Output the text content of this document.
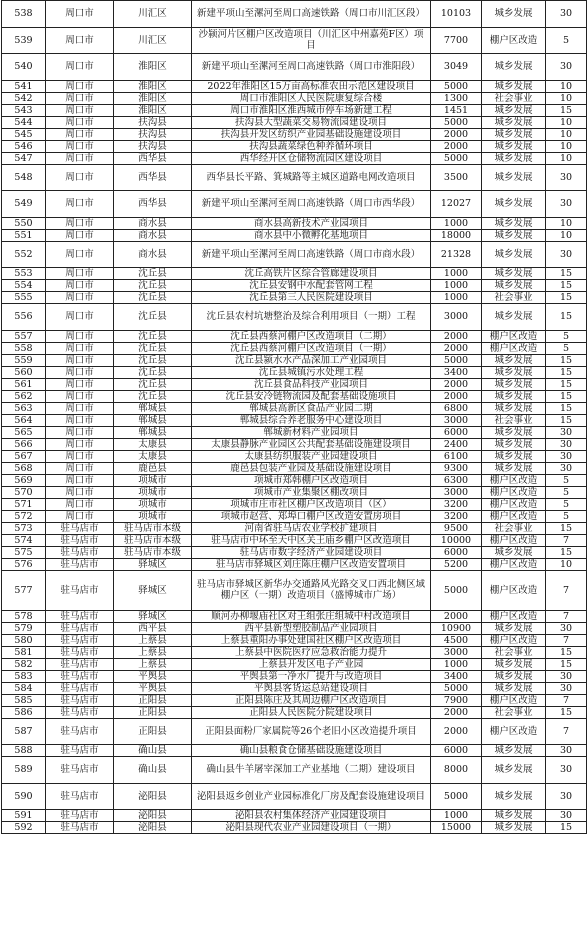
538	周口市	川汇区	新建平项山至漯河至周口高速铁路（周口市川汇区段）	10103	城乡发展	30
539	周口市	川汇区	沙颍河片区棚户区改造项目（川汇区中州嘉苑F区）项目	7700	棚户区改造	5
540	周口市	淮阳区	新建平项山至漯河至周口高速铁路（周口市淮阳段）	3049	城乡发展	30
541	周口市	淮阳区	2022年淮阳区15万亩高标准农田示范区建设项目	5000	城乡发展	10
542	周口市	淮阳区	周口市淮阳区人民医院康复综合楼	1300	社会事业	10
543	周口市	淮阳区	周口市淮阳区淮西城市停车场新建工程	1451	城乡发展	15
544	周口市	扶沟县	扶沟县大型蔬菜交易物流园建设项目	5000	城乡发展	10
545	周口市	扶沟县	扶沟县开发区纺织产业园基础设施建设项目	2000	城乡发展	10
546	周口市	扶沟县	扶沟县蔬菜绿色种养循环项目	2000	城乡发展	10
547	周口市	西华县	西华经开区仓储物流园区建设项目	5000	城乡发展	10
548	周口市	西华县	西华县长平路、箕城路等主城区道路电网改造项目	3500	城乡发展	30
549	周口市	西华县	新建平项山至漯河至周口高速铁路（周口市西华段）	12027	城乡发展	30
550	周口市	商水县	商水县高新技术产业园项目	1000	城乡发展	10
551	周口市	商水县	商水县中小微孵化基地项目	18000	城乡发展	10
552	周口市	商水县	新建平项山至漯河至周口高速铁路（周口市商水段）	21328	城乡发展	30
553	周口市	沈丘县	沈丘高铁片区综合管廊建设项目	1000	城乡发展	15
554	周口市	沈丘县	沈丘县安钢中水配套管网工程	1000	城乡发展	15
555	周口市	沈丘县	沈丘县第三人民医院建设项目	1000	社会事业	15
556	周口市	沈丘县	沈丘县农村坑塘整治及综合利用项目（一期）工程	3000	城乡发展	15
557	周口市	沈丘县	沈丘县西蔡河棚户区改造项目（二期）	2000	棚户区改造	5
558	周口市	沈丘县	沈丘县西蔡河棚户区改造项目（一期）	2000	棚户区改造	5
559	周口市	沈丘县	沈丘县颍水水产品深加工产业园项目	5000	城乡发展	15
560	周口市	沈丘县	沈丘县城镇污水处理工程	3400	城乡发展	15
561	周口市	沈丘县	沈丘县食品科技产业园项目	2000	城乡发展	15
562	周口市	沈丘县	沈丘县安冷链物流园及配套基础设施项目	2000	城乡发展	15
563	周口市	郸城县	郸城县高新区食品产业园二期	6800	城乡发展	15
564	周口市	郸城县	郸城县综合养老服务中心建设项目	3000	社会事业	15
565	周口市	郸城县	郸城新材料产业园项目	6000	城乡发展	30
566	周口市	太康县	太康县静脉产业园区公共配套基础设施建设项目	2400	城乡发展	30
567	周口市	太康县	太康县纺织服装产业园建设项目	6100	城乡发展	30
568	周口市	鹿邑县	鹿邑县包装产业园及基础设施建设项目	9300	城乡发展	30
569	周口市	项城市	项城市郑韩棚户区改造项目	6300	棚户区改造	5
570	周口市	项城市	项城市产业集聚区棚改项目	3000	棚户区改造	5
571	周口市	项城市	项城市庄市社区棚户区改造项目（区）	3200	棚户区改造	5
572	周口市	项城市	项城市赵营、郑埠口棚户区改造安置房项目	3200	棚户区改造	5
573	驻马店市	驻马店市本级	河南省驻马店农业学校扩建项目	9500	社会事业	15
574	驻马店市	驻马店市本级	驻马店市中环至天中区关王庙乡棚户区改造项目	10000	棚户区改造	7
575	驻马店市	驻马店市本级	驻马店市数字经济产业园建设项目	6000	城乡发展	15
576	驻马店市	驿城区	驻马店市驿城区刘庄陈庄棚户区改造安置项目	5200	棚户区改造	10
577	驻马店市	驿城区	驻马店市驿城区新华办交通路风光路交叉口西北侧区域棚户区（一期）改造项目（盛博城市广场）	5000	棚户区改造	7
578	驻马店市	驿城区	顺河办柳堰庙社区对王组张庄组城中村改造项目	2000	棚户区改造	7
579	驻马店市	西平县	西平县新型塑胶制品产业园项目	10900	城乡发展	30
580	驻马店市	上蔡县	上蔡县重阳办事处建国社区棚户区改造项目	4500	棚户区改造	7
581	驻马店市	上蔡县	上蔡县中医院医疗应急救治能力提升	3000	社会事业	15
582	驻马店市	上蔡县	上蔡县开发区电子产业园	1000	城乡发展	15
583	驻马店市	平舆县	平舆县第一净水厂提升与改造项目	3400	城乡发展	30
584	驻马店市	平舆县	平舆县客货运总站建设项目	5000	城乡发展	30
585	驻马店市	正阳县	正阳县陈庄及其周边棚户区改造项目	7900	棚户区改造	7
586	驻马店市	正阳县	正阳县人民医院分院建设项目	2000	社会事业	15
587	驻马店市	正阳县	正阳县面粉厂家属院等26个老旧小区改造提升项目	2000	棚户区改造	7
588	驻马店市	确山县	确山县粮食仓储基础设施建设项目	6000	城乡发展	30
589	驻马店市	确山县	确山县牛羊屠宰深加工产业基地（二期）建设项目	8000	城乡发展	30
590	驻马店市	泌阳县	泌阳县返乡创业产业园标准化厂房及配套设施建设项目	5000	城乡发展	30
591	驻马店市	泌阳县	泌阳县农村集体经济产业园建设项目	1000	城乡发展	30
592	驻马店市	泌阳县	泌阳县现代农业产业园建设项目（一期）	15000	城乡发展	15
